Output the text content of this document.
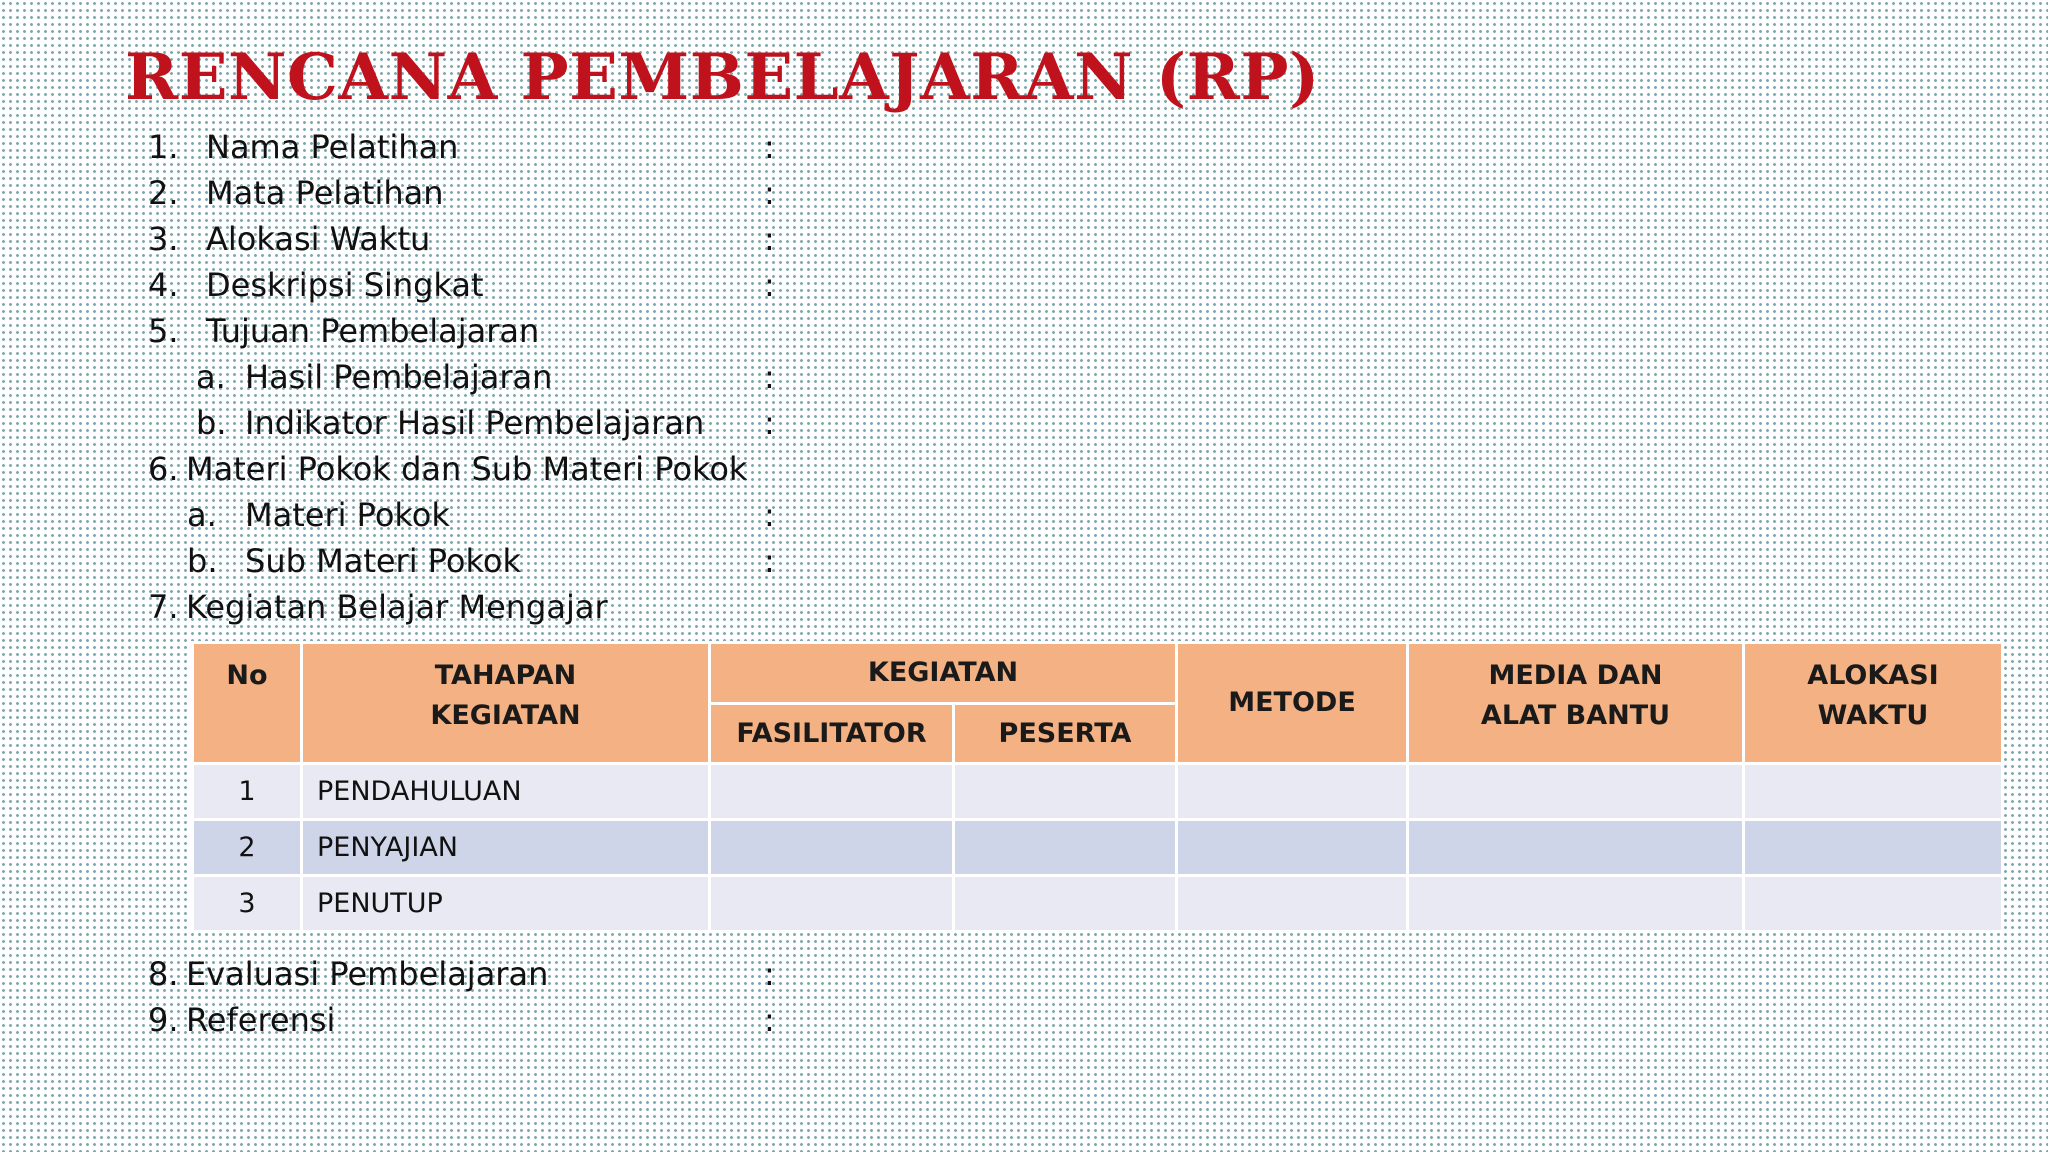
RENCANA PEMBELAJARAN (RP)
1. Nama Pelatihan	:
2. Mata Pelatihan	:
3. Alokasi Waktu	:
4. Deskripsi Singkat	:
5. Tujuan Pembelajaran
a. Hasil Pembelajaran	:
b. Indikator Hasil Pembelajaran :
6. Materi Pokok dan Sub Materi Pokok
a. Materi Pokok	:
b. Sub Materi Pokok	:
7. Kegiatan Belajar Mengajar
No	TAHAPAN KEGIATAN	KEGIATAN		METODE	MEDIA DAN ALAT BANTU	ALOKASI WAKTU
		FASILITATOR	PESERTA			
1	PENDAHULUAN					
2	PENYAJIAN					
3	PENUTUP					
8. Evaluasi Pembelajaran	:
9. Referensi	:
